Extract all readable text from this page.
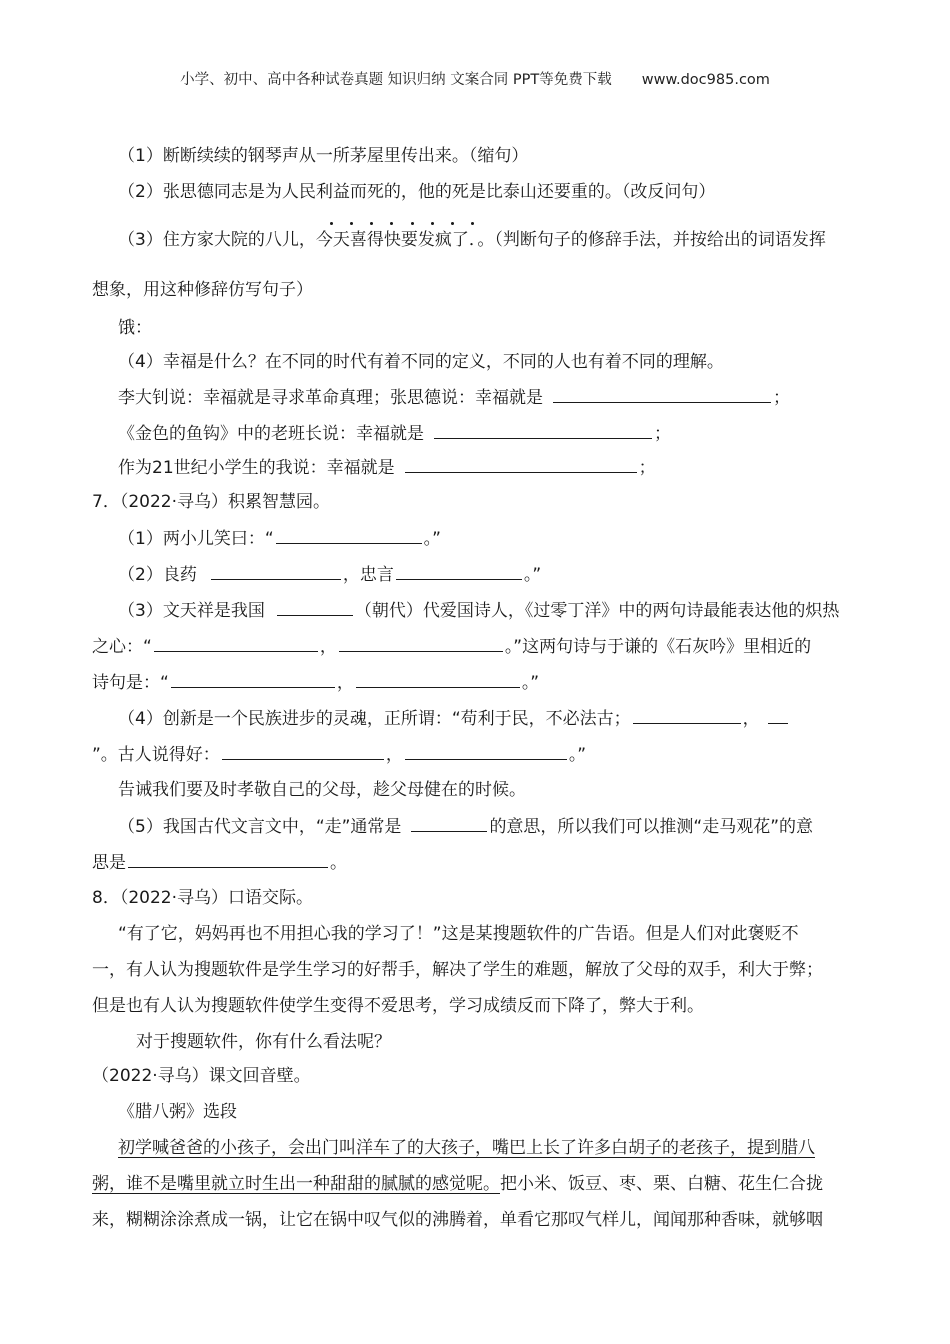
小学、初中、高中各种试卷真题 知识归纳 文案合同 PPT等免费下载 www.doc985.com
（1）断断续续的钢琴声从一所茅屋里传出来。（缩句）
（2）张思德同志是为人民利益而死的，他的死是比泰山还要重的。（改反问句）
（3）住方家大院的八儿，今天喜得快要发疯了．。（判断句子的修辞手法，并按给出的词语发挥
想象，用这种修辞仿写句子）
饿：
（4）幸福是什么？在不同的时代有着不同的定义，不同的人也有着不同的理解。
李大钊说：幸福就是寻求革命真理；张思德说：幸福就是	；
《金色的鱼钩》中的老班长说：幸福就是	；
作为21世纪小学生的我说：幸福就是	；
7．（2022·寻乌）积累智慧园。
（1）两小儿笑曰：“	。”
（2）良药	，忠言	。”
（3）文天祥是我国	（朝代）代爱国诗人，《过零丁洋》中的两句诗最能表达他的炽热
之心：“	，	。”这两句诗与于谦的《石灰吟》里相近的
诗句是：“	，	。”
（4）创新是一个民族进步的灵魂，正所谓：“苟利于民，不必法古；	，
”。古人说得好：	，	。”
告诫我们要及时孝敬自己的父母，趁父母健在的时候。
（5）我国古代文言文中，“走”通常是	的意思，所以我们可以推测“走马观花”的意
思是	。
8．（2022·寻乌）口语交际。
“有了它，妈妈再也不用担心我的学习了！”这是某搜题软件的广告语。但是人们对此褒贬不
一，有人认为搜题软件是学生学习的好帮手，解决了学生的难题，解放了父母的双手，利大于弊；
但是也有人认为搜题软件使学生变得不爱思考，学习成绩反而下降了，弊大于利。
对于搜题软件，你有什么看法呢？
（2022·寻乌）课文回音壁。
《腊八粥》选段
初学喊爸爸的小孩子，会出门叫洋车了的大孩子，嘴巴上长了许多白胡子的老孩子，提到腊八
粥，谁不是嘴里就立时生出一种甜甜的腻腻的感觉呢。把小米、饭豆、枣、栗、白糖、花生仁合拢
来，糊糊涂涂煮成一锅，让它在锅中叹气似的沸腾着，单看它那叹气样儿，闻闻那种香味，就够咽
